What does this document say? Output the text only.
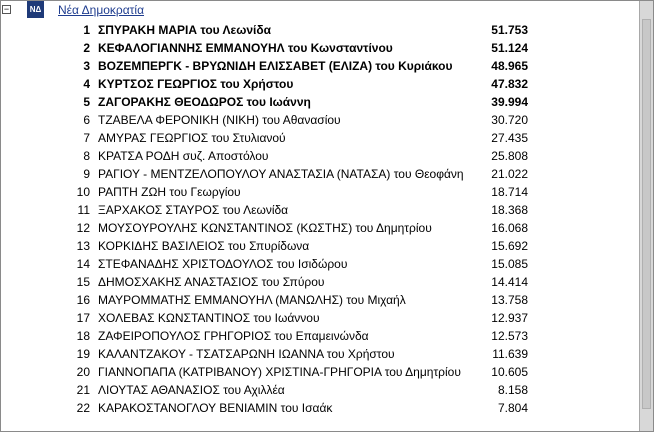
−	ΝΔ Νέα Δημοκρατία
1 ΣΠΥΡΑΚΗ ΜΑΡΙΑ του Λεωνίδα	51.753
2 ΚΕΦΑΛΟΓΙΑΝΝΗΣ ΕΜΜΑΝΟΥΗΛ του Κωνσταντίνου	51.124
3 ΒΟΖΕΜΠΕΡΓΚ - ΒΡΥΩΝΙΔΗ ΕΛΙΣΣΑΒΕΤ (ΕΛΙΖΑ) του Κυριάκου	48.965
4 ΚΥΡΤΣΟΣ ΓΕΩΡΓΙΟΣ του Χρήστου	47.832
5 ΖΑΓΟΡΑΚΗΣ ΘΕΟΔΩΡΟΣ του Ιωάννη	39.994
6 ΤΖΑΒΕΛΑ ΦΕΡΟΝΙΚΗ (ΝΙΚΗ) του Αθανασίου	30.720
7 ΑΜΥΡΑΣ ΓΕΩΡΓΙΟΣ του Στυλιανού	27.435
8 ΚΡΑΤΣΑ ΡΟΔΗ συζ. Αποστόλου	25.808
9 ΡΑΓΙΟΥ - ΜΕΝΤΖΕΛΟΠΟΥΛΟΥ ΑΝΑΣΤΑΣΙΑ (ΝΑΤΑΣΑ) του Θεοφάνη 21.022
10 ΡΑΠΤΗ ΖΩΗ του Γεωργίου	18.714
11 ΞΑΡΧΑΚΟΣ ΣΤΑΥΡΟΣ του Λεωνίδα	18.368
12 ΜΟΥΣΟΥΡΟΥΛΗΣ ΚΩΝΣΤΑΝΤΙΝΟΣ (ΚΩΣΤΗΣ) του Δημητρίου	16.068
13 ΚΟΡΚΙΔΗΣ ΒΑΣΙΛΕΙΟΣ του Σπυρίδωνα	15.692
14 ΣΤΕΦΑΝΑΔΗΣ ΧΡΙΣΤΟΔΟΥΛΟΣ του Ισιδώρου	15.085
15 ΔΗΜΟΣΧΑΚΗΣ ΑΝΑΣΤΑΣΙΟΣ του Σπύρου	14.414
16 ΜΑΥΡΟΜΜΑΤΗΣ ΕΜΜΑΝΟΥΗΛ (ΜΑΝΩΛΗΣ) του Μιχαήλ	13.758
17 ΧΟΛΕΒΑΣ ΚΩΝΣΤΑΝΤΙΝΟΣ του Ιωάννου	12.937
18 ΖΑΦΕΙΡΟΠΟΥΛΟΣ ΓΡΗΓΟΡΙΟΣ του Επαμεινώνδα	12.573
19 ΚΑΛΑΝΤΖΑΚΟΥ - ΤΣΑΤΣΑΡΩΝΗ ΙΩΑΝΝΑ του Χρήστου	11.639
20 ΓΙΑΝΝΟΠΑΠΑ (ΚΑΤΡΙΒΑΝΟΥ) ΧΡΙΣΤΙΝΑ-ΓΡΗΓΟΡΙΑ του Δημητρίου	10.605
21 ΛΙΟΥΤΑΣ ΑΘΑΝΑΣΙΟΣ του Αχιλλέα	8.158
22 ΚΑΡΑΚΟΣΤΑΝΟΓΛΟΥ ΒΕΝΙΑΜΙΝ του Ισαάκ	7.804
